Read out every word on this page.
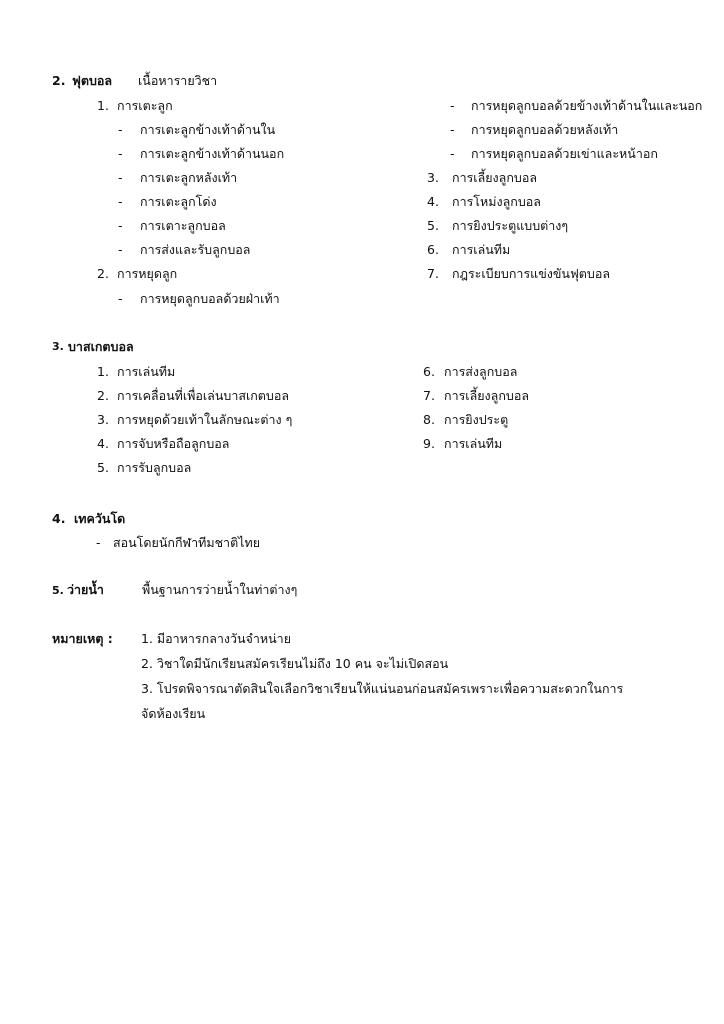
2. ฟุตบอล เนื้อหารายวิชา
1. การเตะลูก
- การเตะลูกข้างเท้าด้านใน
- การเตะลูกข้างเท้าด้านนอก
- การเตะลูกหลังเท้า
- การเตะลูกโด่ง
- การเตาะลูกบอล
- การส่งและรับลูกบอล
2. การหยุดลูก
- การหยุดลูกบอลด้วยฝ่าเท้า
- การหยุดลูกบอลด้วยข้างเท้าด้านในและนอก
- การหยุดลูกบอลด้วยหลังเท้า
- การหยุดลูกบอลด้วยเข่าและหน้าอก
3. การเลี้ยงลูกบอล
4. การโหม่งลูกบอล
5. การยิงประตูแบบต่างๆ
6. การเล่นทีม
7. กฎระเบียบการแข่งขันฟุตบอล
3. บาสเกตบอล
1. การเล่นทีม
2. การเคลื่อนที่เพื่อเล่นบาสเกตบอล
3. การหยุดด้วยเท้าในลักษณะต่าง ๆ
4. การจับหรือถือลูกบอล
5. การรับลูกบอล
6. การส่งลูกบอล
7. การเลี้ยงลูกบอล
8. การยิงประตู
9. การเล่นทีม
4. เทควันโด
- สอนโดยนักกีฬาทีมชาติไทย
5. ว่ายน้ำ	พื้นฐานการว่ายน้ำในท่าต่างๆ
หมายเหตุ : 1. มีอาหารกลางวันจำหน่าย
2. วิชาใดมีนักเรียนสมัครเรียนไม่ถึง 10 คน จะไม่เปิดสอน
3. โปรดพิจารณาตัดสินใจเลือกวิชาเรียนให้แน่นอนก่อนสมัครเพราะเพื่อความสะดวกในการ
จัดห้องเรียน
